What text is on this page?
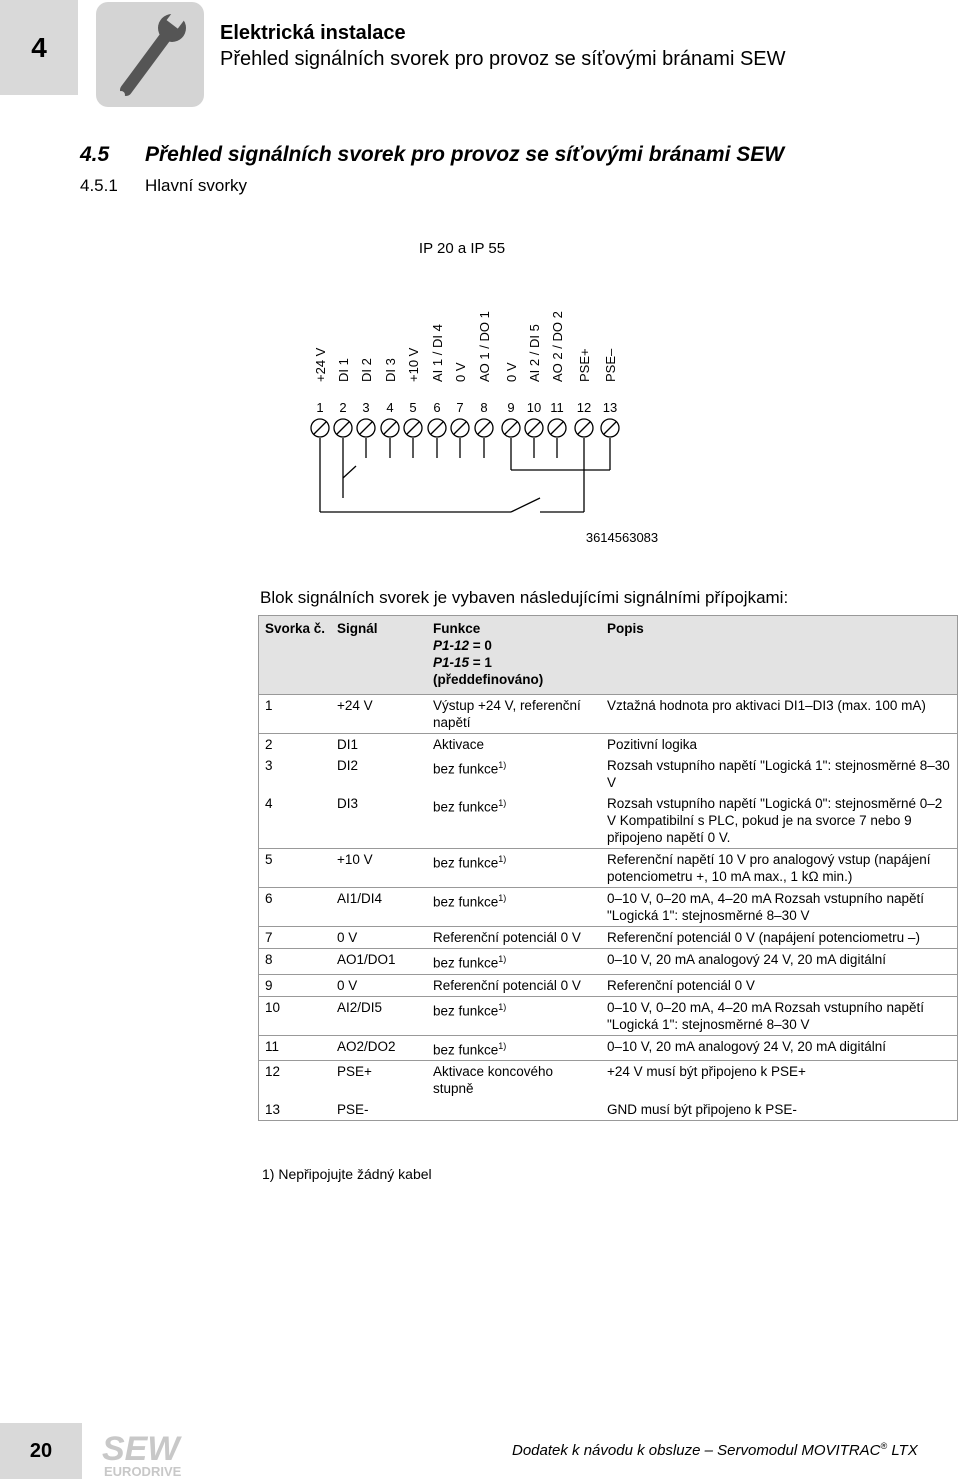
4	Elektrická instalace
Přehled signálních svorek pro provoz se síťovými bránami SEW
4.5 Přehled signálních svorek pro provoz se síťovými bránami SEW
4.5.1 Hlavní svorky
IP 20 a IP 55
+24 V DI 1 DI 2 DI 3 +10 V AI 1 / DI 4 0 V AO 1 / DO 1 0 V AI 2 / DI 5 AO 2 / DO 2 PSE+ PSE–
1 2 3 4 5 6 7 8 9 10 11 12 13
3614563083
Blok signálních svorek je vybaven následujícími signálními přípojkami:
Svorka č.	Signál	Funkce
P1-12 = 0
P1-15 = 1
(předdefinováno)	Popis
1	+24 V	Výstup +24 V, referenční napětí	Vztažná hodnota pro aktivaci DI1–DI3 (max. 100 mA)
2	DI1	Aktivace	Pozitivní logika
3	DI2	bez funkce$^{1)}$	Rozsah vstupního napětí "Logická 1": stejnosměrné 8–30 V
4	DI3	bez funkce$^{1)}$	Rozsah vstupního napětí "Logická 0": stejnosměrné 0–2 V Kompatibilní s PLC, pokud je na svorce 7 nebo 9 připojeno napětí 0 V.
5	+10 V	bez funkce$^{1)}$	Referenční napětí 10 V pro analogový vstup (napájení potenciometru +, 10 mA max., 1 kΩ min.)
6	AI1/DI4	bez funkce$^{1)}$	0–10 V, 0–20 mA, 4–20 mA Rozsah vstupního napětí "Logická 1": stejnosměrné 8–30 V
7	0 V	Referenční potenciál 0 V	Referenční potenciál 0 V (napájení potenciometru –)
8	AO1/DO1	bez funkce$^{1)}$	0–10 V, 20 mA analogový 24 V, 20 mA digitální
9	0 V	Referenční potenciál 0 V	Referenční potenciál 0 V
10	AI2/DI5	bez funkce$^{1)}$	0–10 V, 0–20 mA, 4–20 mA Rozsah vstupního napětí "Logická 1": stejnosměrné 8–30 V
11	AO2/DO2	bez funkce$^{1)}$	0–10 V, 20 mA analogový 24 V, 20 mA digitální
12	PSE+	Aktivace koncového stupně	+24 V musí být připojeno k PSE+
13	PSE-		GND musí být připojeno k PSE-
1) Nepřipojujte žádný kabel
20 SEW
EURODRIVE
Dodatek k návodu k obsluze – Servomodul MOVITRAC® LTX
